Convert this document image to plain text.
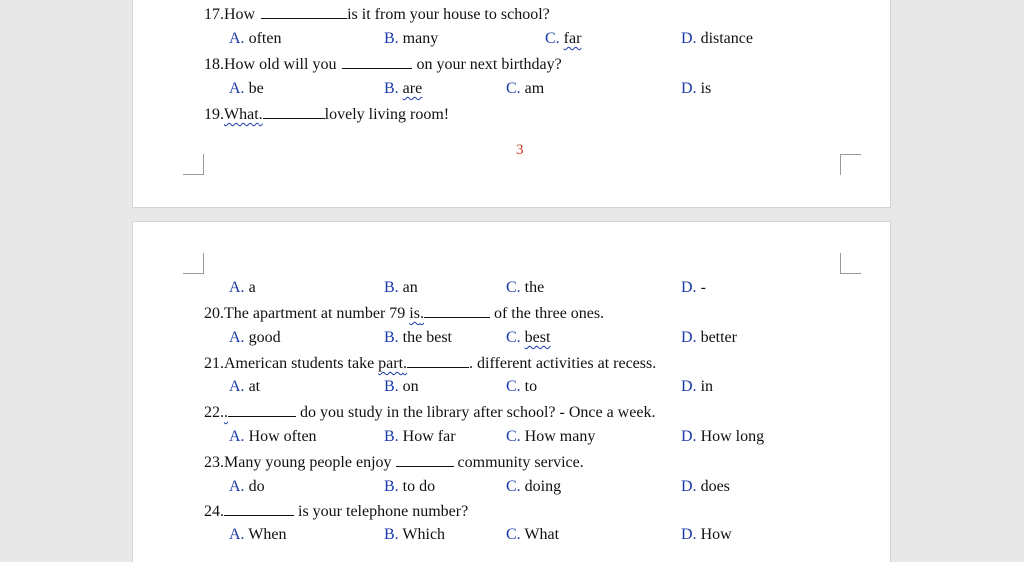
3
17.How	is it from your house to school?
A. often	B. many	C. far	D. distance
18.How old will you	on your next birthday?
A. be	B. are	C. am	D. is
19.What.	lovely living room!
A. a	B. an	C. the	D. -
20.The apartment at number 79 is.	of the three ones.
A. good	B. the best	C. best	D. better
21.American students take part.	. different activities at recess.
A. at	B. on	C. to	D. in
22..	do you study in the library after school? - Once a week.
A. How often	B. How far	C. How many	D. How long
23.Many young people enjoy	community service.
A. do	B. to do	C. doing	D. does
24.	is your telephone number?
A. When	B. Which	C. What	D. How
